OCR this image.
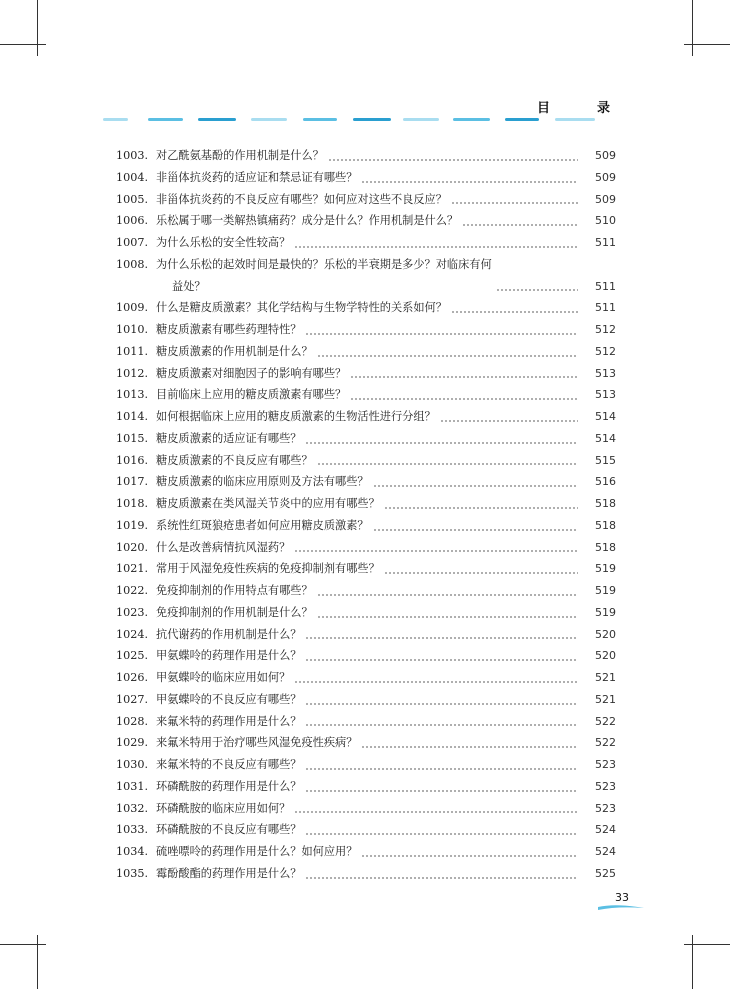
目　录
1003. 对乙酰氨基酚的作用机制是什么？	509
1004. 非甾体抗炎药的适应证和禁忌证有哪些？	509
1005. 非甾体抗炎药的不良反应有哪些？如何应对这些不良反应？	509
1006. 乐松属于哪一类解热镇痛药？成分是什么？作用机制是什么？	510
1007. 为什么乐松的安全性较高？	511
1008. 为什么乐松的起效时间是最快的？乐松的半衰期是多少？对临床有何
益处？	511
1009. 什么是糖皮质激素？其化学结构与生物学特性的关系如何？	511
1010. 糖皮质激素有哪些药理特性？	512
1011. 糖皮质激素的作用机制是什么？	512
1012. 糖皮质激素对细胞因子的影响有哪些？	513
1013. 目前临床上应用的糖皮质激素有哪些？	513
1014. 如何根据临床上应用的糖皮质激素的生物活性进行分组？	514
1015. 糖皮质激素的适应证有哪些？	514
1016. 糖皮质激素的不良反应有哪些？	515
1017. 糖皮质激素的临床应用原则及方法有哪些？	516
1018. 糖皮质激素在类风湿关节炎中的应用有哪些？	518
1019. 系统性红斑狼疮患者如何应用糖皮质激素？	518
1020. 什么是改善病情抗风湿药？	518
1021. 常用于风湿免疫性疾病的免疫抑制剂有哪些？	519
1022. 免疫抑制剂的作用特点有哪些？	519
1023. 免疫抑制剂的作用机制是什么？	519
1024. 抗代谢药的作用机制是什么？	520
1025. 甲氨蝶呤的药理作用是什么？	520
1026. 甲氨蝶呤的临床应用如何？	521
1027. 甲氨蝶呤的不良反应有哪些？	521
1028. 来氟米特的药理作用是什么？	522
1029. 来氟米特用于治疗哪些风湿免疫性疾病？	522
1030. 来氟米特的不良反应有哪些？	523
1031. 环磷酰胺的药理作用是什么？	523
1032. 环磷酰胺的临床应用如何？	523
1033. 环磷酰胺的不良反应有哪些？	524
1034. 硫唑嘌呤的药理作用是什么？如何应用？	524
1035. 霉酚酸酯的药理作用是什么？	525
33
